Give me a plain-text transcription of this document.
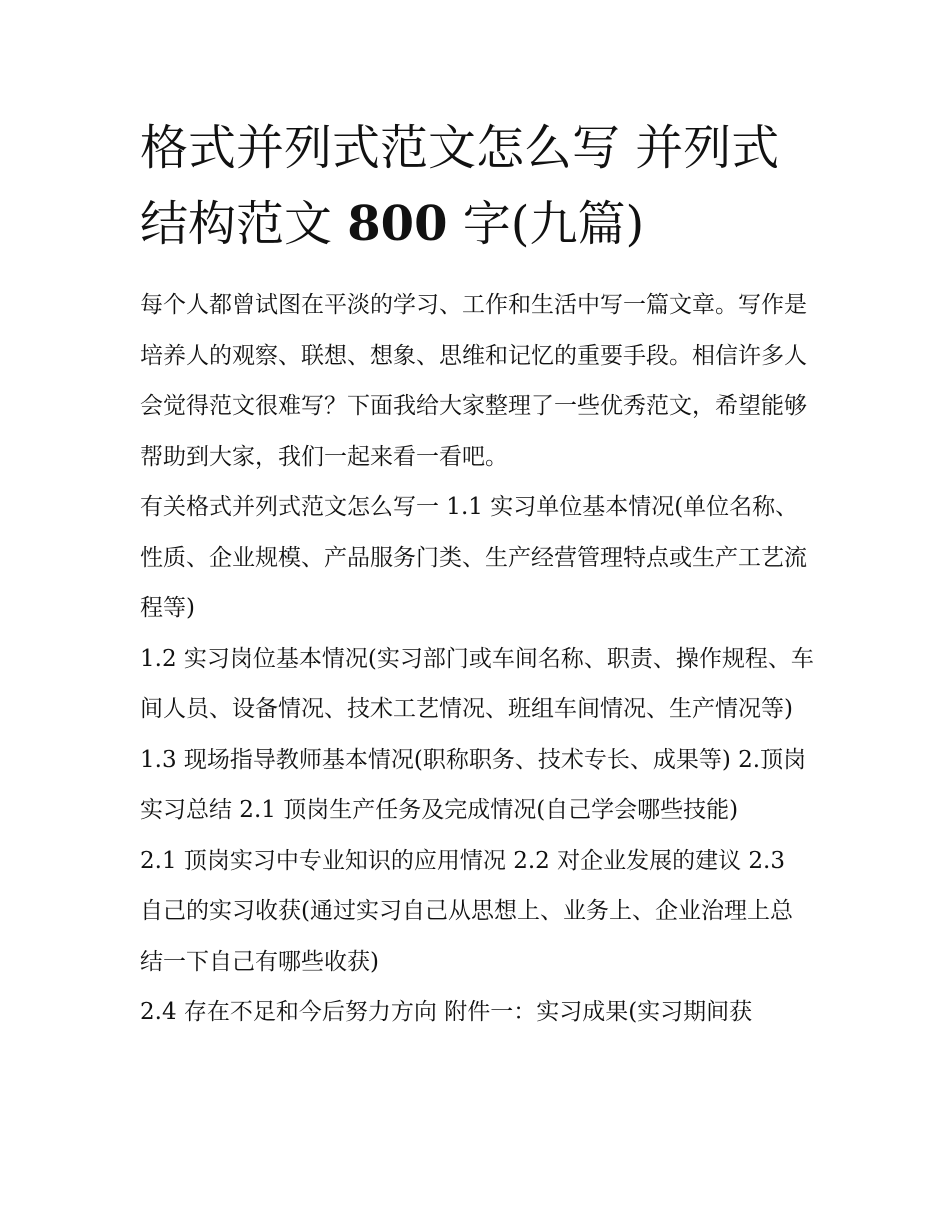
格式并列式范文怎么写 并列式结构范文 800 字(九篇)

每个人都曾试图在平淡的学习、工作和生活中写一篇文章。写作是培养人的观察、联想、想象、思维和记忆的重要手段。相信许多人会觉得范文很难写？下面我给大家整理了一些优秀范文，希望能够帮助到大家，我们一起来看一看吧。

有关格式并列式范文怎么写一 1.1 实习单位基本情况(单位名称、性质、企业规模、产品服务门类、生产经营管理特点或生产工艺流程等)

1.2 实习岗位基本情况(实习部门或车间名称、职责、操作规程、车间人员、设备情况、技术工艺情况、班组车间情况、生产情况等)

1.3 现场指导教师基本情况(职称职务、技术专长、成果等) 2.顶岗实习总结 2.1 顶岗生产任务及完成情况(自己学会哪些技能)

2.1 顶岗实习中专业知识的应用情况 2.2 对企业发展的建议 2.3 自己的实习收获(通过实习自己从思想上、业务上、企业治理上总结一下自己有哪些收获)

2.4 存在不足和今后努力方向 附件一：实习成果(实习期间获
